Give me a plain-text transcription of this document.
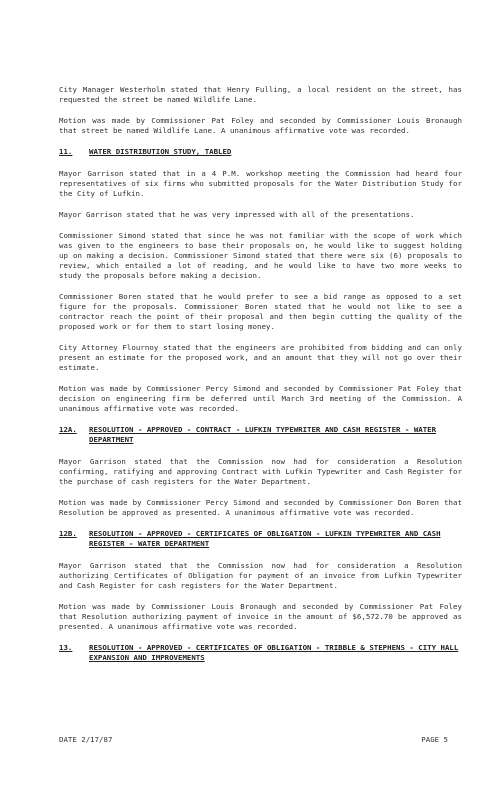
City Manager Westerholm stated that Henry Fulling, a local resident on the street, has requested the street be named Wildlife Lane.

Motion was made by Commissioner Pat Foley and seconded by Commissioner Louis Bronaugh that street be named Wildlife Lane. A unanimous affirmative vote was recorded.

11.	WATER DISTRIBUTION STUDY, TABLED

Mayor Garrison stated that in a 4 P.M. workshop meeting the Commission had heard four representatives of six firms who submitted proposals for the Water Distribution Study for the City of Lufkin.

Mayor Garrison stated that he was very impressed with all of the presentations.

Commissioner Simond stated that since he was not familiar with the scope of work which was given to the engineers to base their proposals on, he would like to suggest holding up on making a decision. Commissioner Simond stated that there were six (6) proposals to review, which entailed a lot of reading, and he would like to have two more weeks to study the proposals before making a decision.

Commissioner Boren stated that he would prefer to see a bid range as opposed to a set figure for the proposals. Commissioner Boren stated that he would not like to see a contractor reach the point of their proposal and then begin cutting the quality of the proposed work or for them to start losing money.

City Attorney Flournoy stated that the engineers are prohibited from bidding and can only present an estimate for the proposed work, and an amount that they will not go over their estimate.

Motion was made by Commissioner Percy Simond and seconded by Commissioner Pat Foley that decision on engineering firm be deferred until March 3rd meeting of the Commission. A unanimous affirmative vote was recorded.

12A.	RESOLUTION - APPROVED - CONTRACT - LUFKIN TYPEWRITER AND CASH REGISTER - WATER DEPARTMENT

Mayor Garrison stated that the Commission now had for consideration a Resolution confirming, ratifying and approving Contract with Lufkin Typewriter and Cash Register for the purchase of cash registers for the Water Department.

Motion was made by Commissioner Percy Simond and seconded by Commissioner Don Boren that Resolution be approved as presented. A unanimous affirmative vote was recorded.

12B.	RESOLUTION - APPROVED - CERTIFICATES OF OBLIGATION - LUFKIN TYPEWRITER AND CASH REGISTER - WATER DEPARTMENT

Mayor Garrison stated that the Commission now had for consideration a Resolution authorizing Certificates of Obligation for payment of an invoice from Lufkin Typewriter and Cash Register for cash registers for the Water Department.

Motion was made by Commissioner Louis Bronaugh and seconded by Commissioner Pat Foley that Resolution authorizing payment of invoice in the amount of $6,572.70 be approved as presented. A unanimous affirmative vote was recorded.

13.	RESOLUTION - APPROVED - CERTIFICATES OF OBLIGATION - TRIBBLE & STEPHENS - CITY HALL EXPANSION AND IMPROVEMENTS
DATE 2/17/87	PAGE 5
